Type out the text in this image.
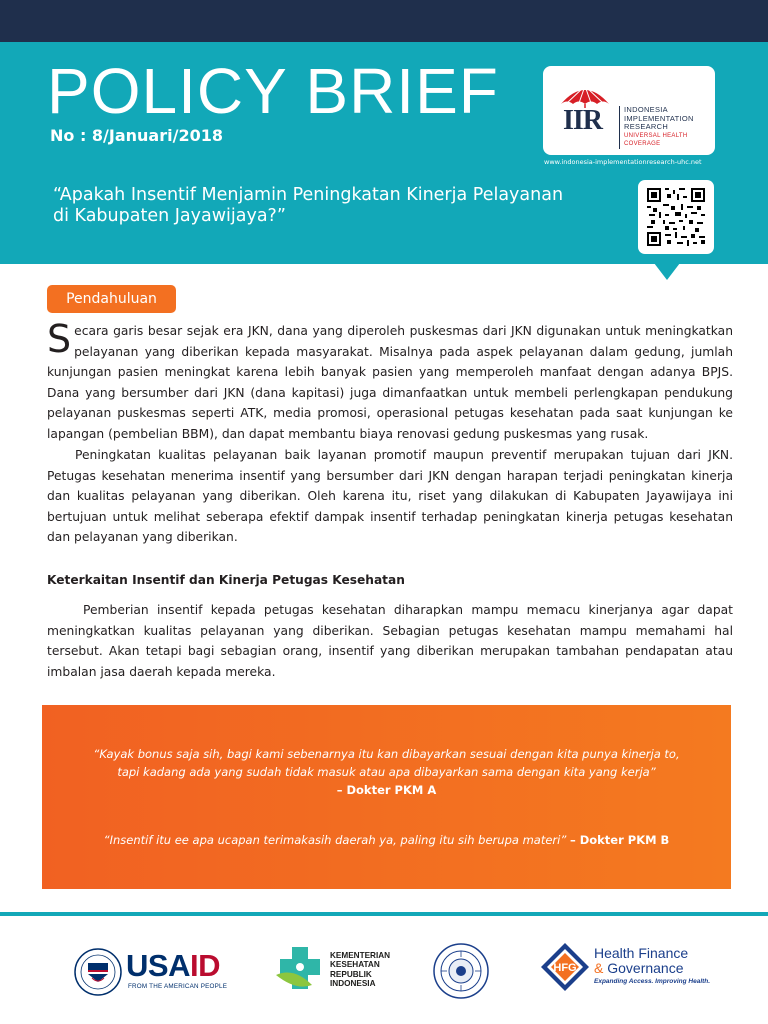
POLICY BRIEF
No : 8/Januari/2018
“Apakah Insentif Menjamin Peningkatan Kinerja Pelayanan
di Kabupaten Jayawijaya?”
IIR	INDONESIA
IMPLEMENTATION
RESEARCH
UNIVERSAL HEALTH COVERAGE
www.indonesia-implementationresearch-uhc.net
Pendahuluan
Secara garis besar sejak era JKN, dana yang diperoleh puskesmas dari JKN digunakan untuk meningkatkan pelayanan yang diberikan kepada masyarakat. Misalnya pada aspek pelayanan dalam gedung, jumlah kunjungan pasien meningkat karena lebih banyak pasien yang memperoleh manfaat dengan adanya BPJS. Dana yang bersumber dari JKN (dana kapitasi) juga dimanfaatkan untuk membeli perlengkapan pendukung pelayanan puskesmas seperti ATK, media promosi, operasional petugas kesehatan pada saat kunjungan ke lapangan (pembelian BBM), dan dapat membantu biaya renovasi gedung puskesmas yang rusak.
Peningkatan kualitas pelayanan baik layanan promotif maupun preventif merupakan tujuan dari JKN. Petugas kesehatan menerima insentif yang bersumber dari JKN dengan harapan terjadi peningkatan kinerja dan kualitas pelayanan yang diberikan. Oleh karena itu, riset yang dilakukan di Kabupaten Jayawijaya ini bertujuan untuk melihat seberapa efektif dampak insentif terhadap peningkatan kinerja petugas kesehatan dan pelayanan yang diberikan.
Keterkaitan Insentif dan Kinerja Petugas Kesehatan
Pemberian insentif kepada petugas kesehatan diharapkan mampu memacu kinerjanya agar dapat meningkatkan kualitas pelayanan yang diberikan. Sebagian petugas kesehatan mampu memahami hal tersebut. Akan tetapi bagi sebagian orang, insentif yang diberikan merupakan tambahan pendapatan atau imbalan jasa daerah kepada mereka.
“Kayak bonus saja sih, bagi kami sebenarnya itu kan dibayarkan sesuai dengan kita punya kinerja to,
tapi kadang ada yang sudah tidak masuk atau apa dibayarkan sama dengan kita yang kerja”
– Dokter PKM A
“Insentif itu ee apa ucapan terimakasih daerah ya, paling itu sih berupa materi” – Dokter PKM B
USAID
FROM THE AMERICAN PEOPLE
KEMENTERIAN
KESEHATAN
REPUBLIK
INDONESIA
HFG
Health Finance
& Governance
Expanding Access. Improving Health.
